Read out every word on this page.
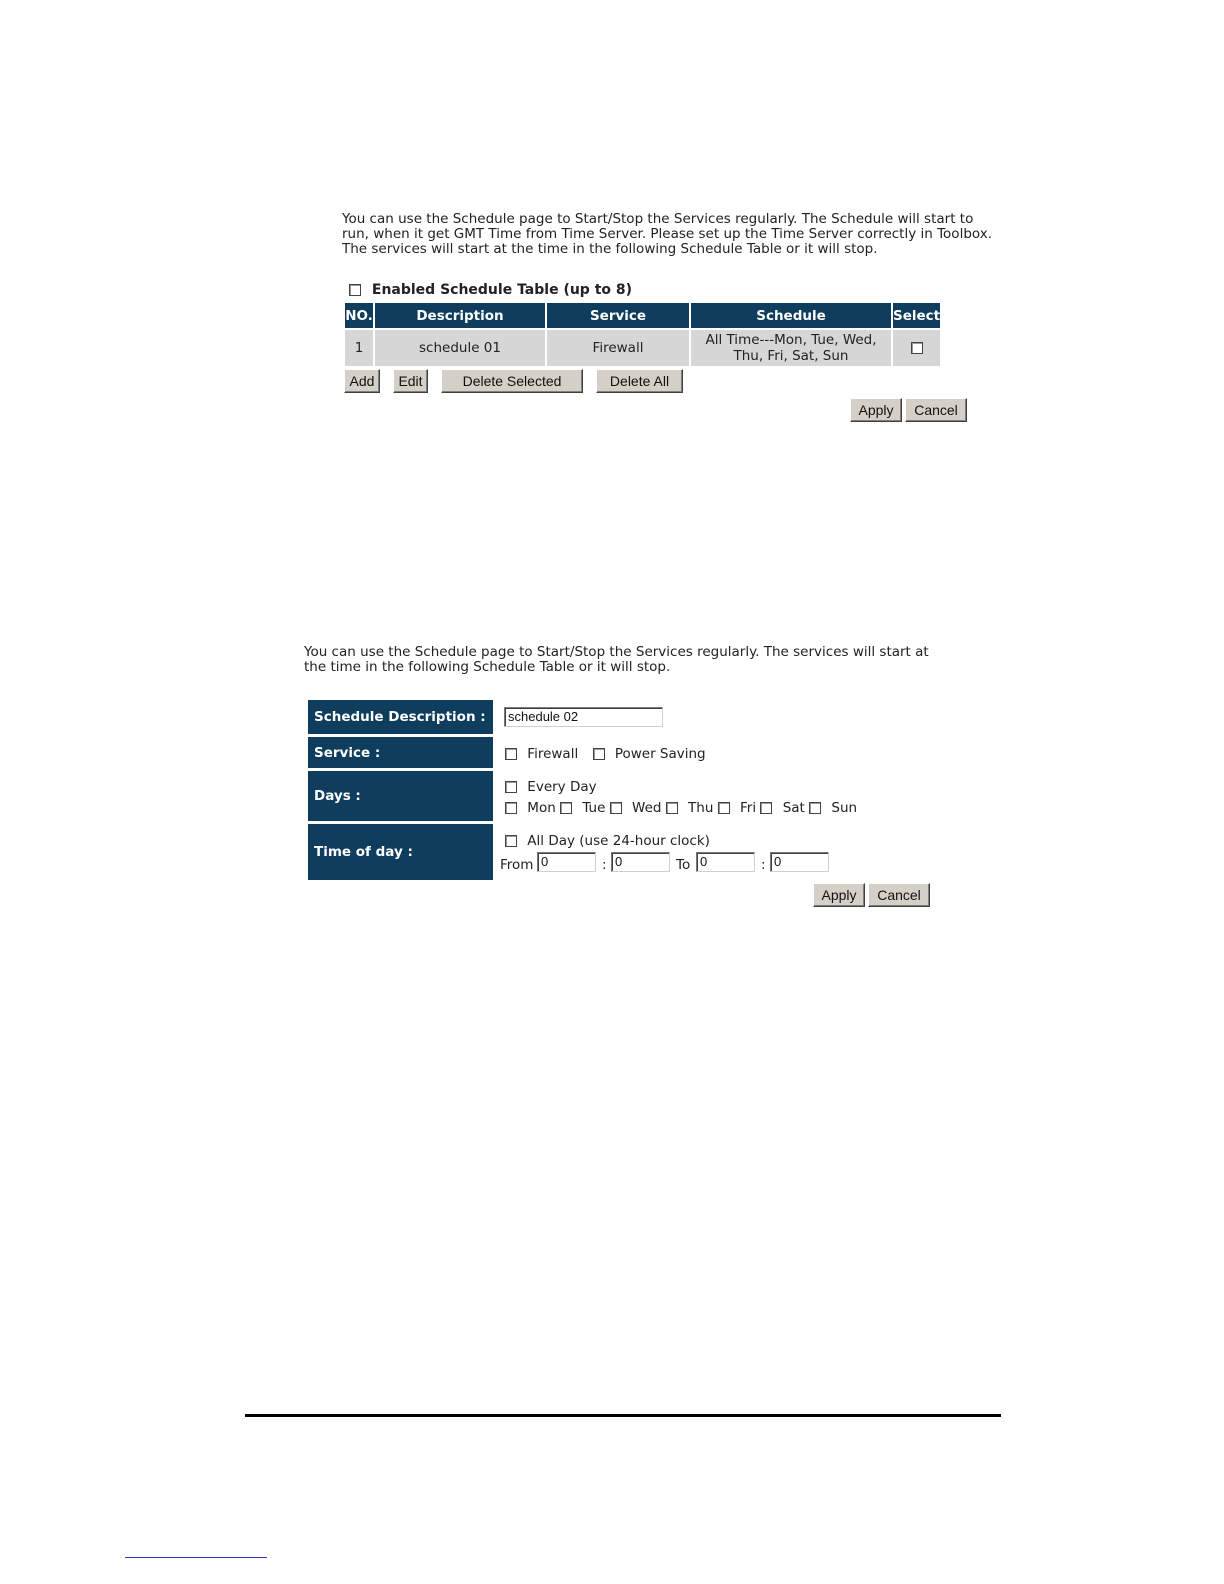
You can use the Schedule page to Start/Stop the Services regularly. The Schedule will start to
run, when it get GMT Time from Time Server. Please set up the Time Server correctly in Toolbox.
The services will start at the time in the following Schedule Table or it will stop.
Enabled Schedule Table (up to 8)
NO.	Description	Service	Schedule	Select

1	schedule 01	Firewall	All Time---Mon, Tue, Wed,
Thu, Fri, Sat, Sun	

Add	Edit	Delete Selected	Delete All
Apply	Cancel
You can use the Schedule page to Start/Stop the Services regularly. The services will start at
the time in the following Schedule Table or it will stop.
Schedule Description :	schedule 02
Service :	Firewall	Power Saving
Days :
Every Day
Mon Tue Wed Thu Fri Sat Sun
Time of day :
All Day (use 24-hour clock)
From 0	: 0	To 0	: 0
Apply	Cancel
